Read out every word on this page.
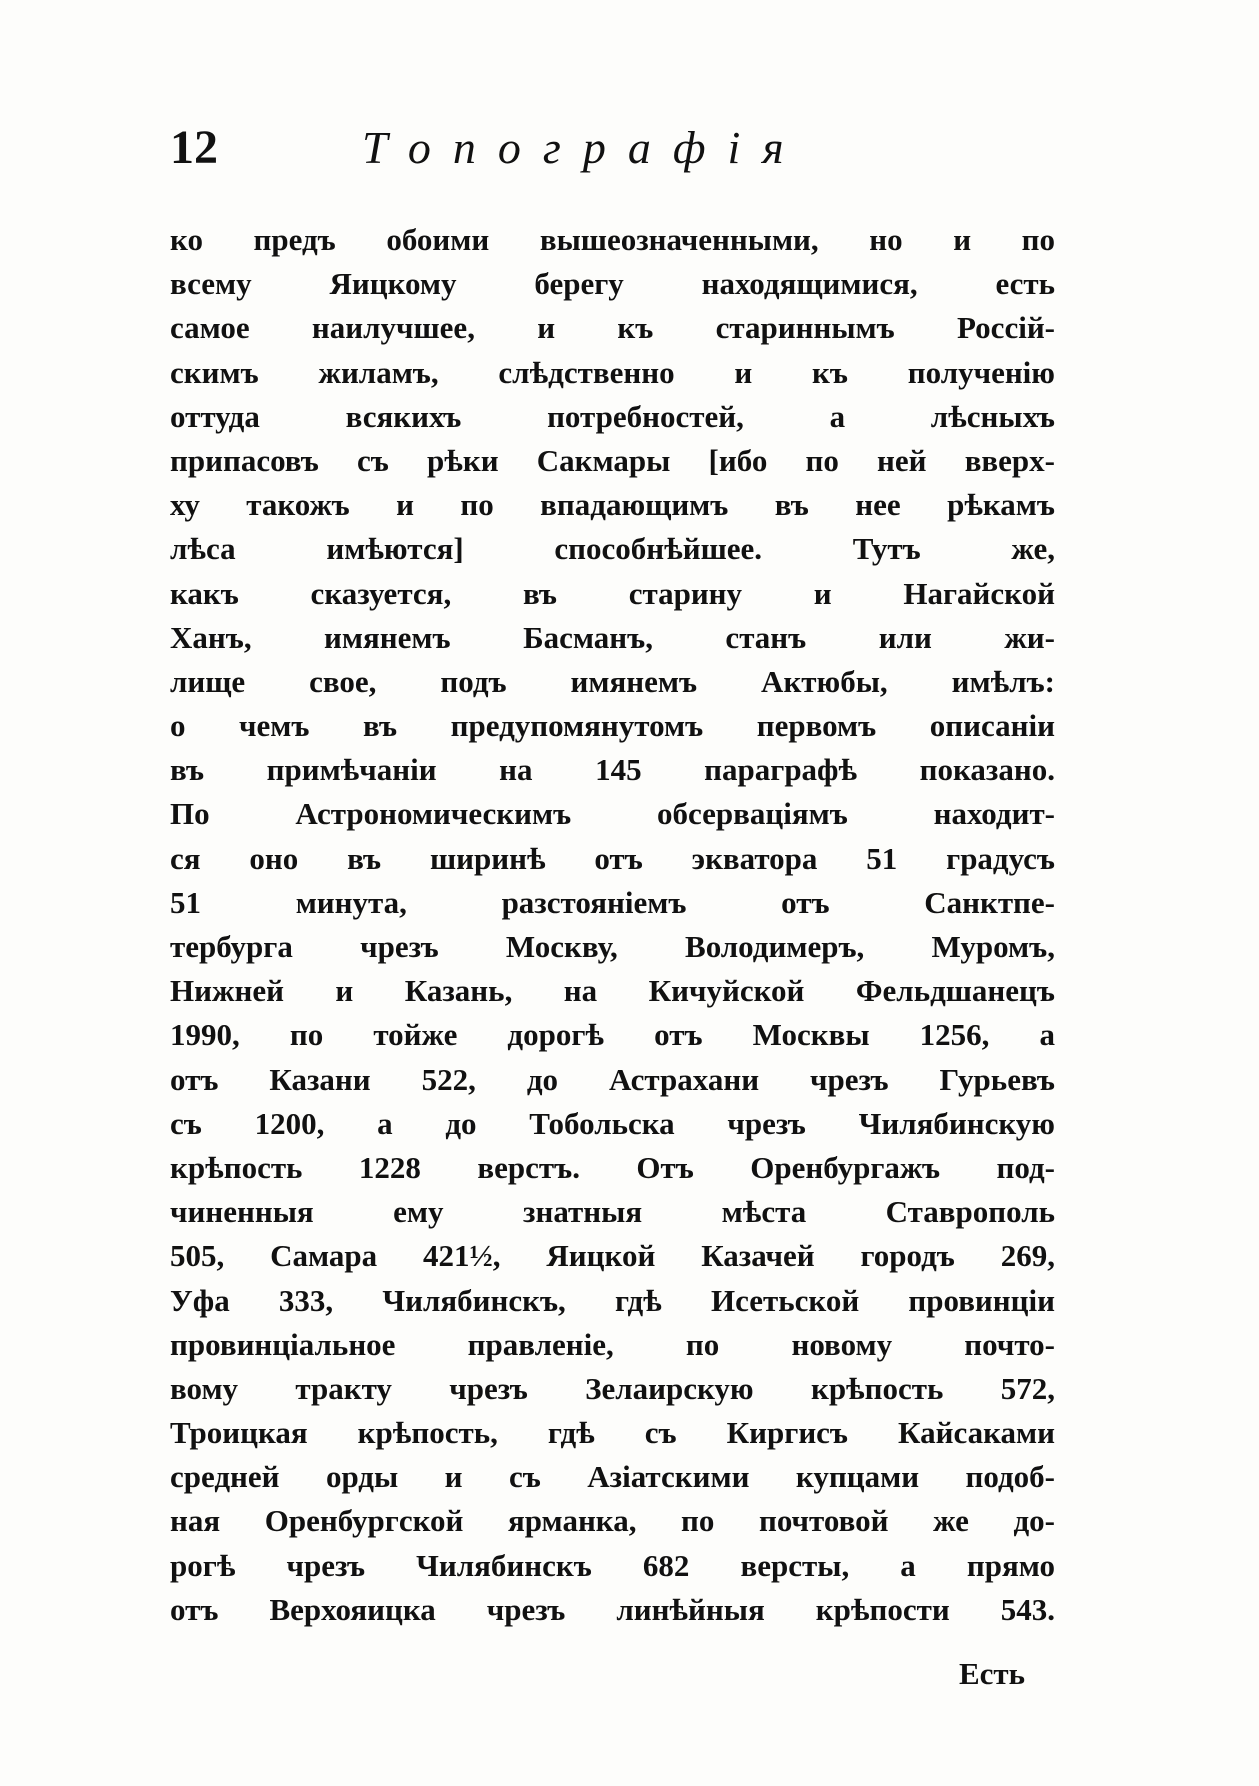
12	Топографія
ко предъ обоими вышеозначенными, но и по
всему Яицкому берегу находящимися, есть
самое наилучшее, и къ стариннымъ Россій-
скимъ жиламъ, слѣдственно и къ полученію
оттуда всякихъ потребностей, а лѣсныхъ
припасовъ съ рѣки Сакмары [ибо по ней вверх-
ху такожъ и по впадающимъ въ нее рѣкамъ
лѣса имѣются] способнѣйшее. Тутъ же,
какъ сказуется, въ старину и Нагайской
Ханъ, имянемъ Басманъ, станъ или жи-
лище свое, подъ имянемъ Актюбы, имѣлъ:
о чемъ въ предупомянутомъ первомъ описаніи
въ примѣчаніи на 145 параграфѣ показано.
По Астрономическимъ обсерваціямъ находит-
ся оно въ ширинѣ отъ экватора 51 градусъ
51 минута, разстояніемъ отъ Санктпе-
тербурга чрезъ Москву, Володимеръ, Муромъ,
Нижней и Казань, на Кичуйской Фельдшанецъ
1990, по тойже дорогѣ отъ Москвы 1256, а
отъ Казани 522, до Астрахани чрезъ Гурьевъ
съ 1200, а до Тобольска чрезъ Чилябинскую
крѣпость 1228 верстъ. Отъ Оренбургажъ под-
чиненныя ему знатныя мѣста Ставрополь
505, Самара 421½, Яицкой Казачей городъ 269,
Уфа 333, Чилябинскъ, гдѣ Исетьской провинціи
провинціальное правленіе, по новому почто-
вому тракту чрезъ Зелаирскую крѣпость 572,
Троицкая крѣпость, гдѣ съ Киргисъ Кайсаками
средней орды и съ Азіатскими купцами подоб-
ная Оренбургской ярманка, по почтовой же до-
рогѣ чрезъ Чилябинскъ 682 версты, а прямо
отъ Верхояицка чрезъ линѣйныя крѣпости 543.
Есть
